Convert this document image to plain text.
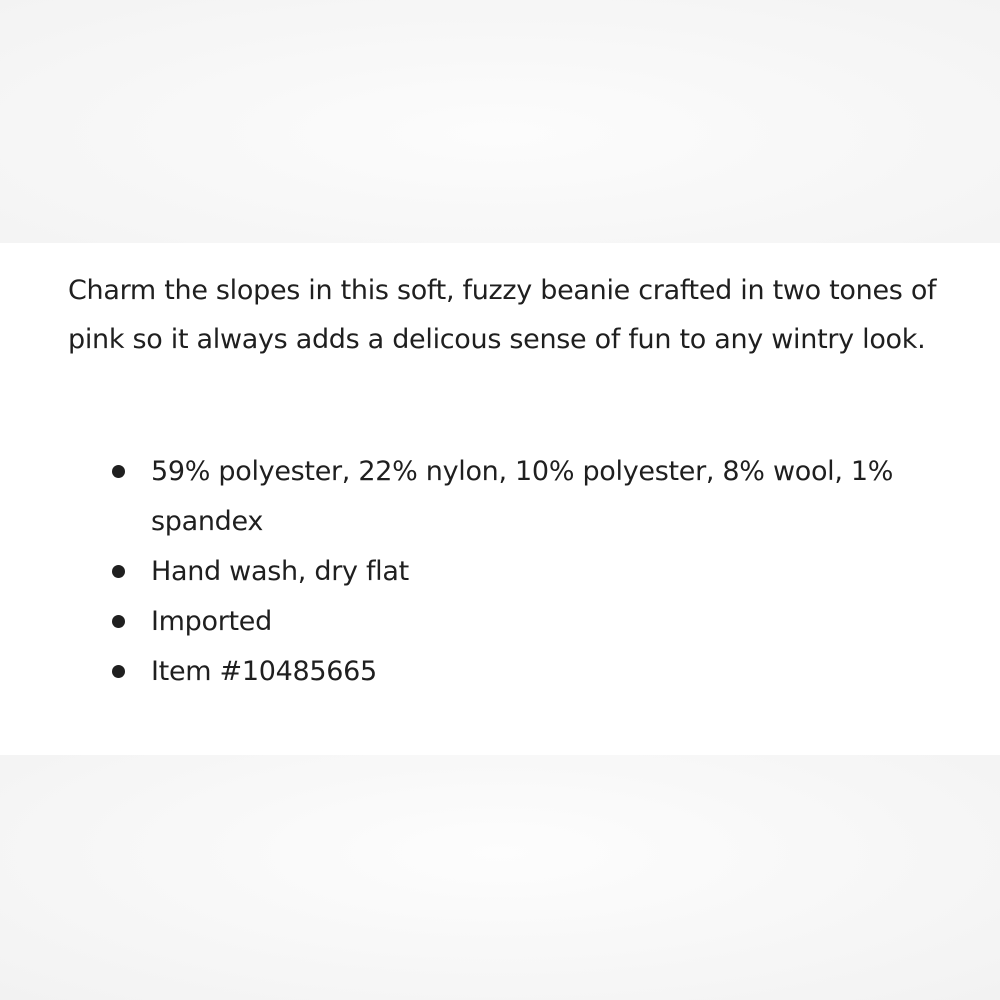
Charm the slopes in this soft, fuzzy beanie crafted in two tones of pink so it always adds a delicous sense of fun to any wintry look.

59% polyester, 22% nylon, 10% polyester, 8% wool, 1% spandex
Hand wash, dry flat
Imported
Item #10485665
